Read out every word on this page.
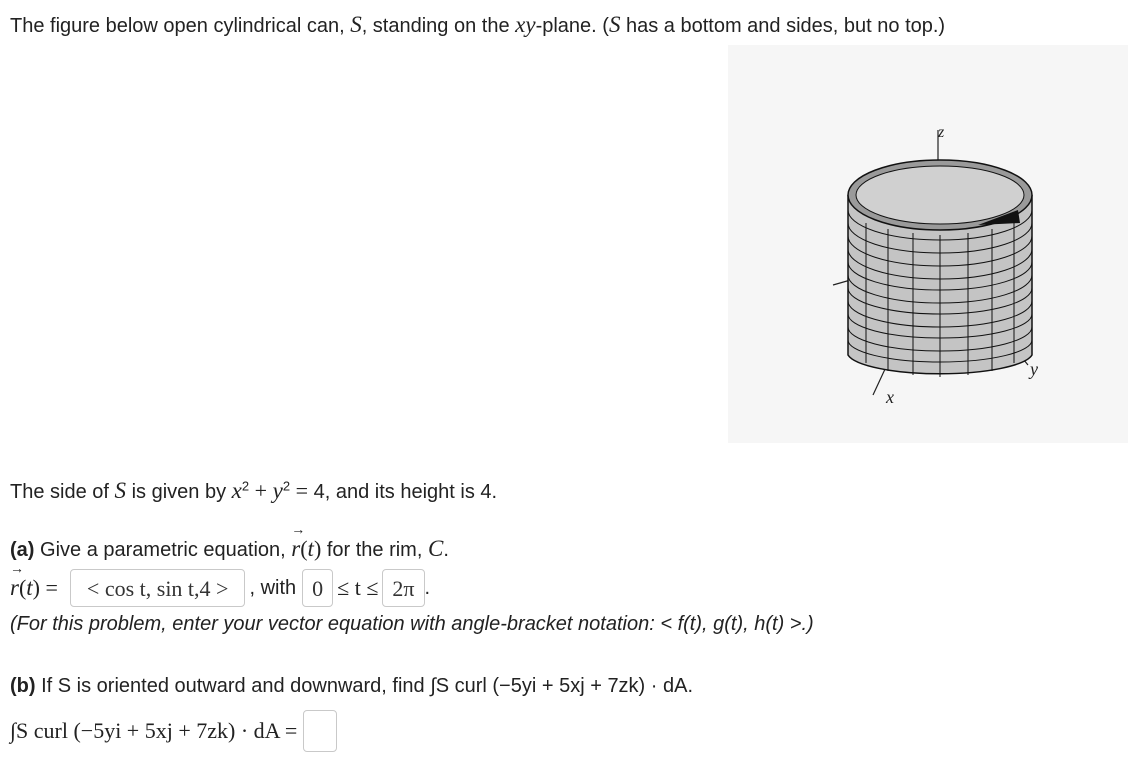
The figure below open cylindrical can, S, standing on the xy-plane. (S has a bottom and sides, but no top.)
z
y
x
The side of S is given by $x^2 + y^2 = 4$, and its height is 4.
(a) Give a parametric equation, → r(t) for the rim, C.
→ r(t) =	< cos t, sin t,4 >	, with 0 ≤ t ≤ 2π .
(For this problem, enter your vector equation with angle-bracket notation: < f(t), g(t), h(t) >.)
(b) If S is oriented outward and downward, find ∫S curl (−5yi + 5xj + 7zk) · dA.
∫S curl (−5yi + 5xj + 7zk) · dA =
